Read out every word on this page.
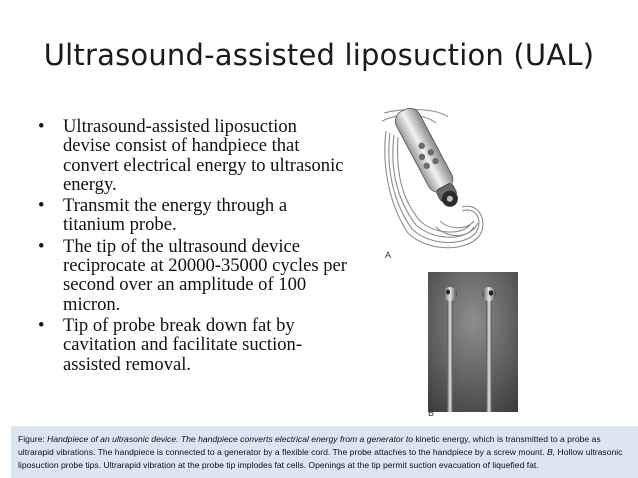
Ultrasound-assisted liposuction (UAL)
• Ultrasound-assisted liposuction devise consist of handpiece that convert electrical energy to ultrasonic energy.
• Transmit the energy through a titanium probe.
• The tip of the ultrasound device reciprocate at 20000-35000 cycles per second over an amplitude of 100 micron.
• Tip of probe break down fat by cavitation and facilitate suction-assisted removal.
A
B
Figure: Handpiece of an ultrasonic device. The handpiece converts electrical energy from a generator to kinetic energy, which is transmitted to a probe as ultrarapid vibrations. The handpiece is connected to a generator by a flexible cord. The probe attaches to the handpiece by a screw mount. B, Hollow ultrasonic liposuction probe tips. Ultrarapid vibration at the probe tip implodes fat cells. Openings at the tip permit suction evacuation of liquefied fat.
